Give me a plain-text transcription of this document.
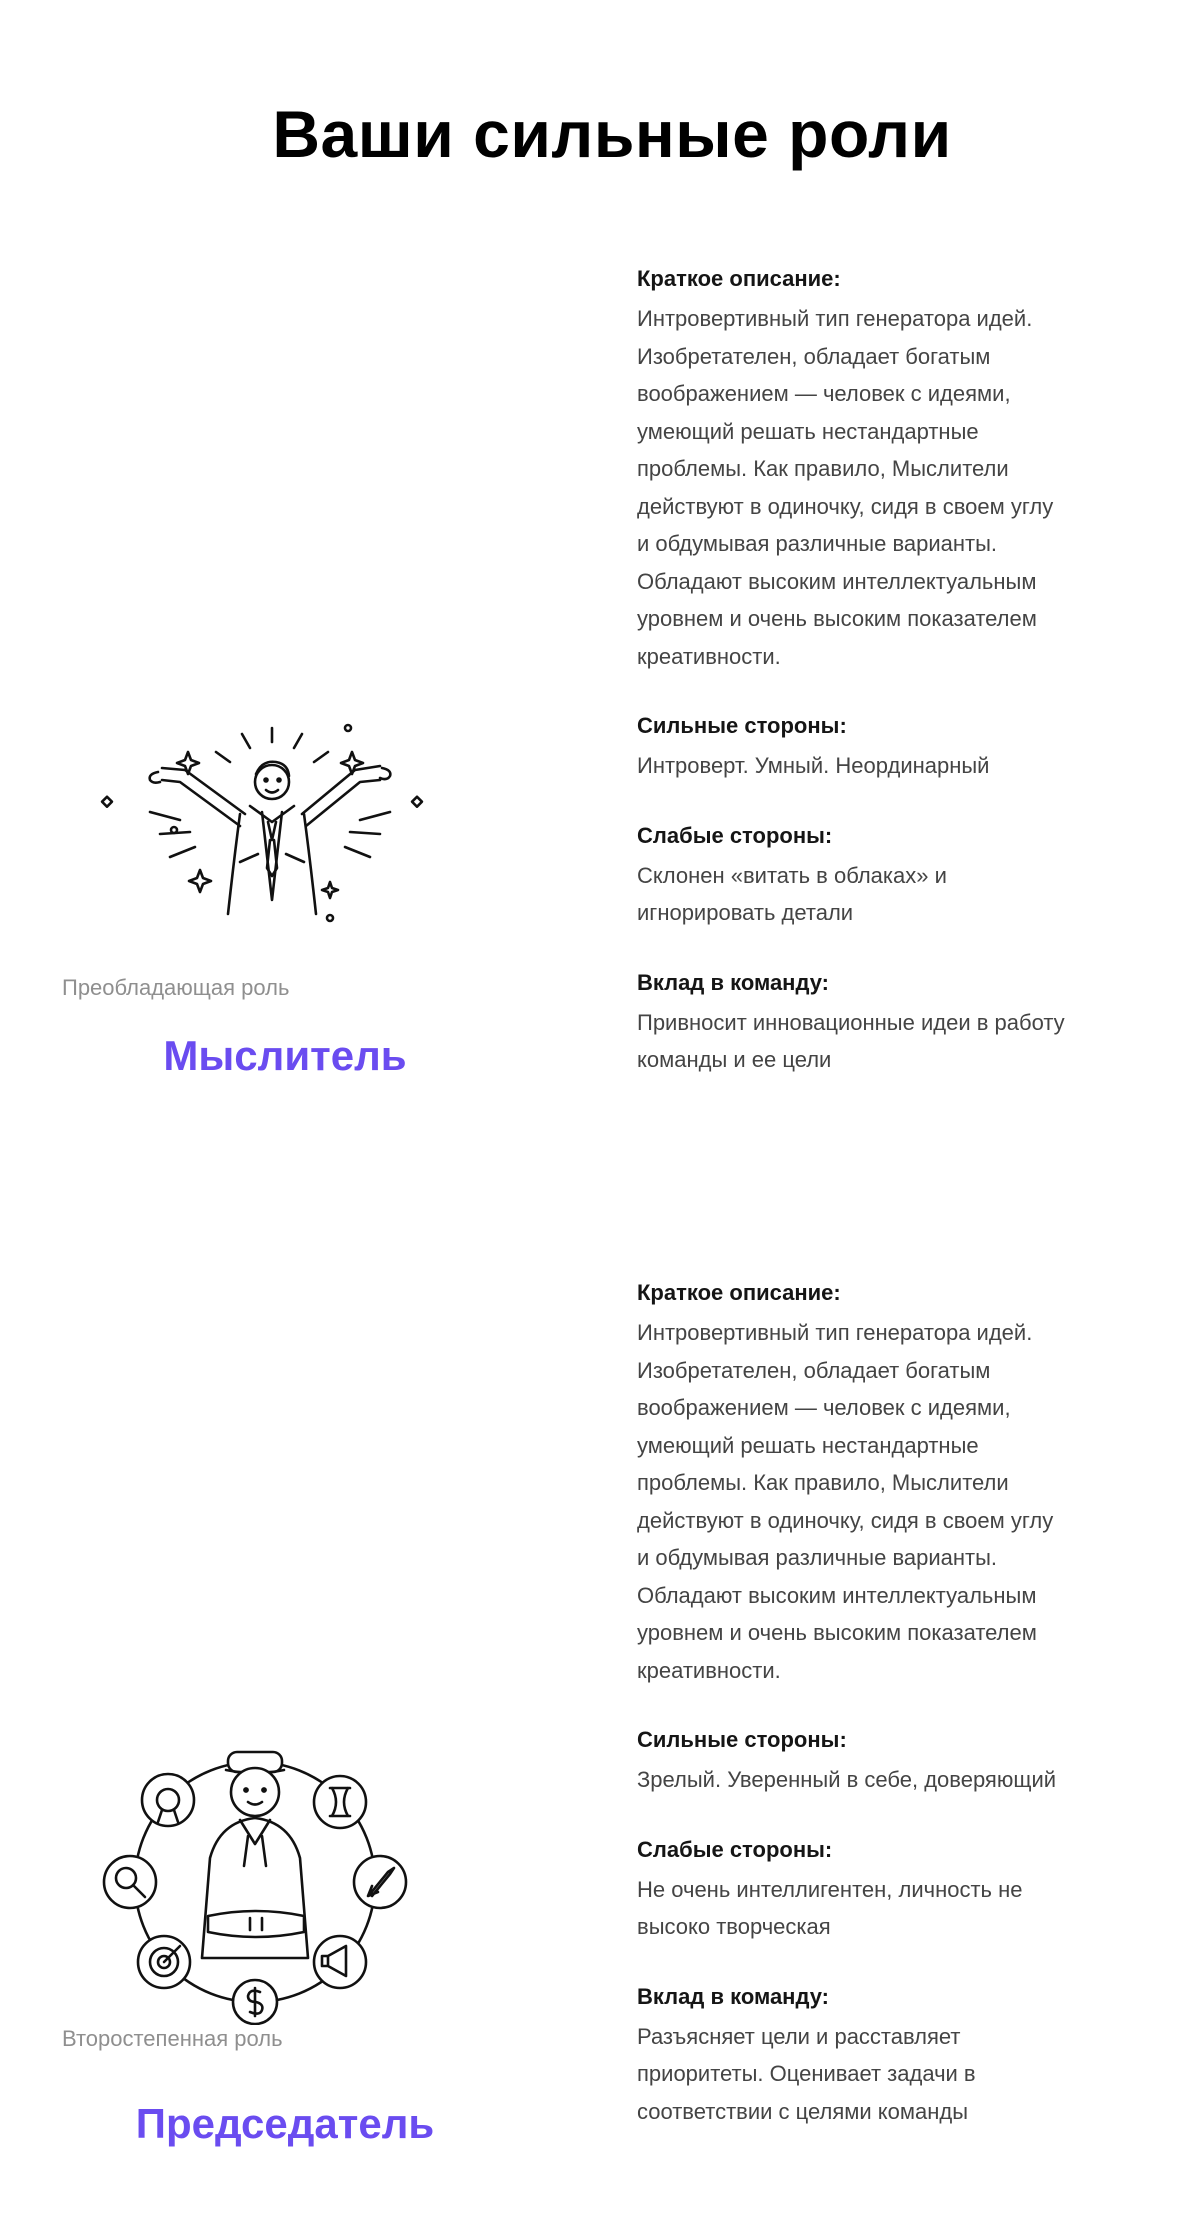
Ваши сильные роли
Преобладающая роль
Мыслитель
Краткое описание:

Интровертивный тип генератора идей.
Изобретателен, обладает богатым
воображением — человек с идеями,
умеющий решать нестандартные
проблемы. Как правило, Мыслители
действуют в одиночку, сидя в своем углу
и обдумывая различные варианты.
Обладают высоким интеллектуальным
уровнем и очень высоким показателем
креативности.

Сильные стороны:

Интроверт. Умный. Неординарный

Слабые стороны:

Склонен «витать в облаках» и
игнорировать детали

Вклад в команду:

Привносит инновационные идеи в работу
команды и ее цели

Второстепенная роль
Председатель
Краткое описание:

Интровертивный тип генератора идей.
Изобретателен, обладает богатым
воображением — человек с идеями,
умеющий решать нестандартные
проблемы. Как правило, Мыслители
действуют в одиночку, сидя в своем углу
и обдумывая различные варианты.
Обладают высоким интеллектуальным
уровнем и очень высоким показателем
креативности.

Сильные стороны:

Зрелый. Уверенный в себе, доверяющий

Слабые стороны:

Не очень интеллигентен, личность не
высоко творческая

Вклад в команду:

Разъясняет цели и расставляет
приоритеты. Оценивает задачи в
соответствии с целями команды
